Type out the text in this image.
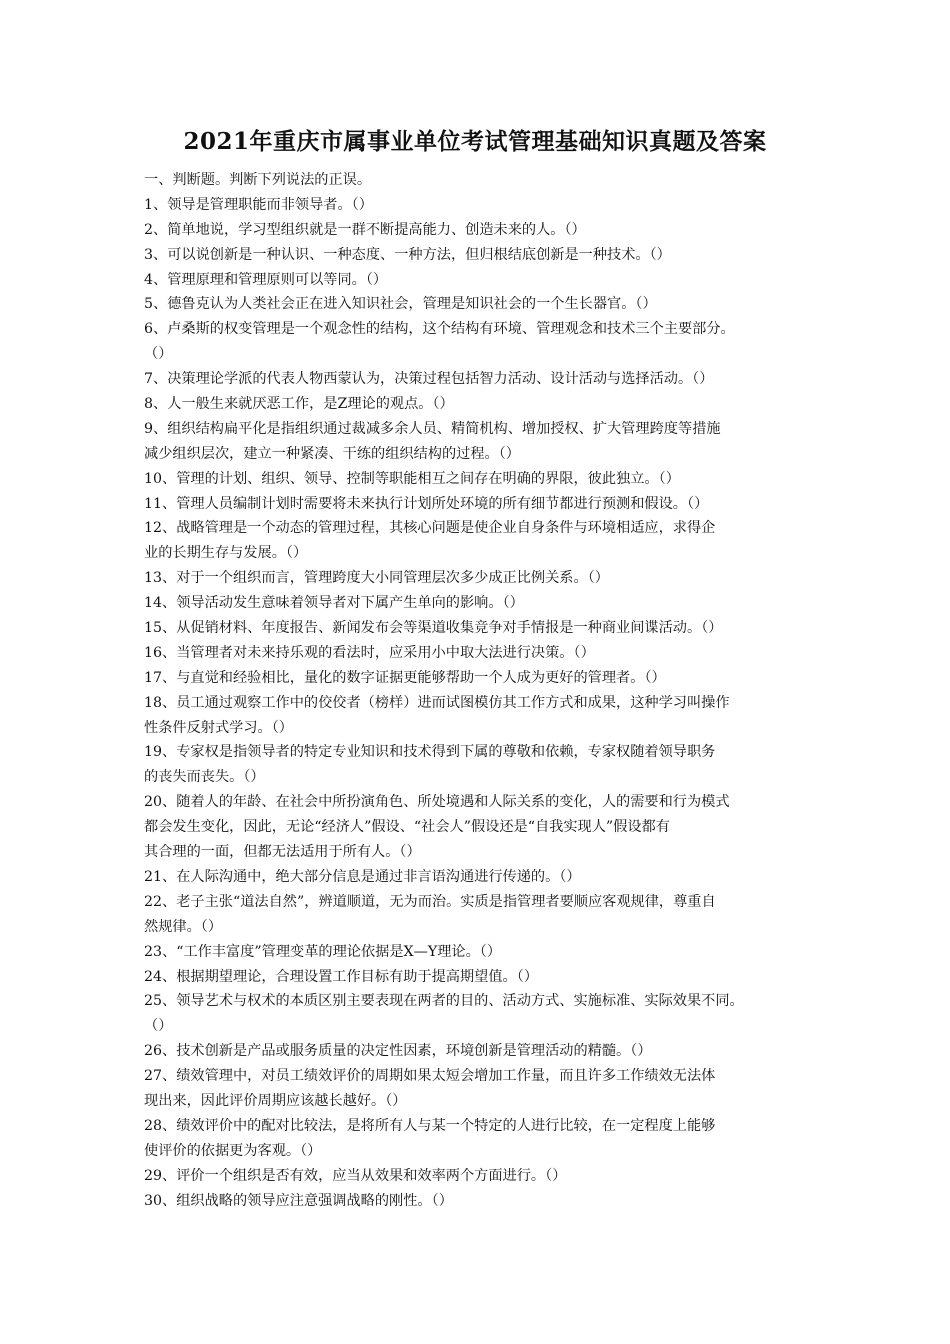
2021年重庆市属事业单位考试管理基础知识真题及答案
一、判断题。判断下列说法的正误。
1、领导是管理职能而非领导者。（）
2、简单地说，学习型组织就是一群不断提高能力、创造未来的人。（）
3、可以说创新是一种认识、一种态度、一种方法，但归根结底创新是一种技术。（）
4、管理原理和管理原则可以等同。（）
5、德鲁克认为人类社会正在进入知识社会，管理是知识社会的一个生长器官。（）
6、卢桑斯的权变管理是一个观念性的结构，这个结构有环境、管理观念和技术三个主要部分。
（）
7、决策理论学派的代表人物西蒙认为，决策过程包括智力活动、设计活动与选择活动。（）
8、人一般生来就厌恶工作，是Z理论的观点。（）
9、组织结构扁平化是指组织通过裁减多余人员、精简机构、增加授权、扩大管理跨度等措施
减少组织层次，建立一种紧凑、干练的组织结构的过程。（）
10、管理的计划、组织、领导、控制等职能相互之间存在明确的界限，彼此独立。（）
11、管理人员编制计划时需要将未来执行计划所处环境的所有细节都进行预测和假设。（）
12、战略管理是一个动态的管理过程，其核心问题是使企业自身条件与环境相适应，求得企
业的长期生存与发展。（）
13、对于一个组织而言，管理跨度大小同管理层次多少成正比例关系。（）
14、领导活动发生意味着领导者对下属产生单向的影响。（）
15、从促销材料、年度报告、新闻发布会等渠道收集竞争对手情报是一种商业间谍活动。（）
16、当管理者对未来持乐观的看法时，应采用小中取大法进行决策。（）
17、与直觉和经验相比，量化的数字证据更能够帮助一个人成为更好的管理者。（）
18、员工通过观察工作中的佼佼者（榜样）进而试图模仿其工作方式和成果，这种学习叫操作
性条件反射式学习。（）
19、专家权是指领导者的特定专业知识和技术得到下属的尊敬和依赖，专家权随着领导职务
的丧失而丧失。（）
20、随着人的年龄、在社会中所扮演角色、所处境遇和人际关系的变化，人的需要和行为模式
都会发生变化，因此，无论“经济人”假设、“社会人”假设还是“自我实现人”假设都有
其合理的一面，但都无法适用于所有人。（）
21、在人际沟通中，绝大部分信息是通过非言语沟通进行传递的。（）
22、老子主张“道法自然”，辨道顺道，无为而治。实质是指管理者要顺应客观规律，尊重自
然规律。（）
23、“工作丰富度”管理变革的理论依据是X—Y理论。（）
24、根据期望理论，合理设置工作目标有助于提高期望值。（）
25、领导艺术与权术的本质区别主要表现在两者的目的、活动方式、实施标准、实际效果不同。
（）
26、技术创新是产品或服务质量的决定性因素，环境创新是管理活动的精髓。（）
27、绩效管理中，对员工绩效评价的周期如果太短会增加工作量，而且许多工作绩效无法体
现出来，因此评价周期应该越长越好。（）
28、绩效评价中的配对比较法，是将所有人与某一个特定的人进行比较，在一定程度上能够
使评价的依据更为客观。（）
29、评价一个组织是否有效，应当从效果和效率两个方面进行。（）
30、组织战略的领导应注意强调战略的刚性。（）
